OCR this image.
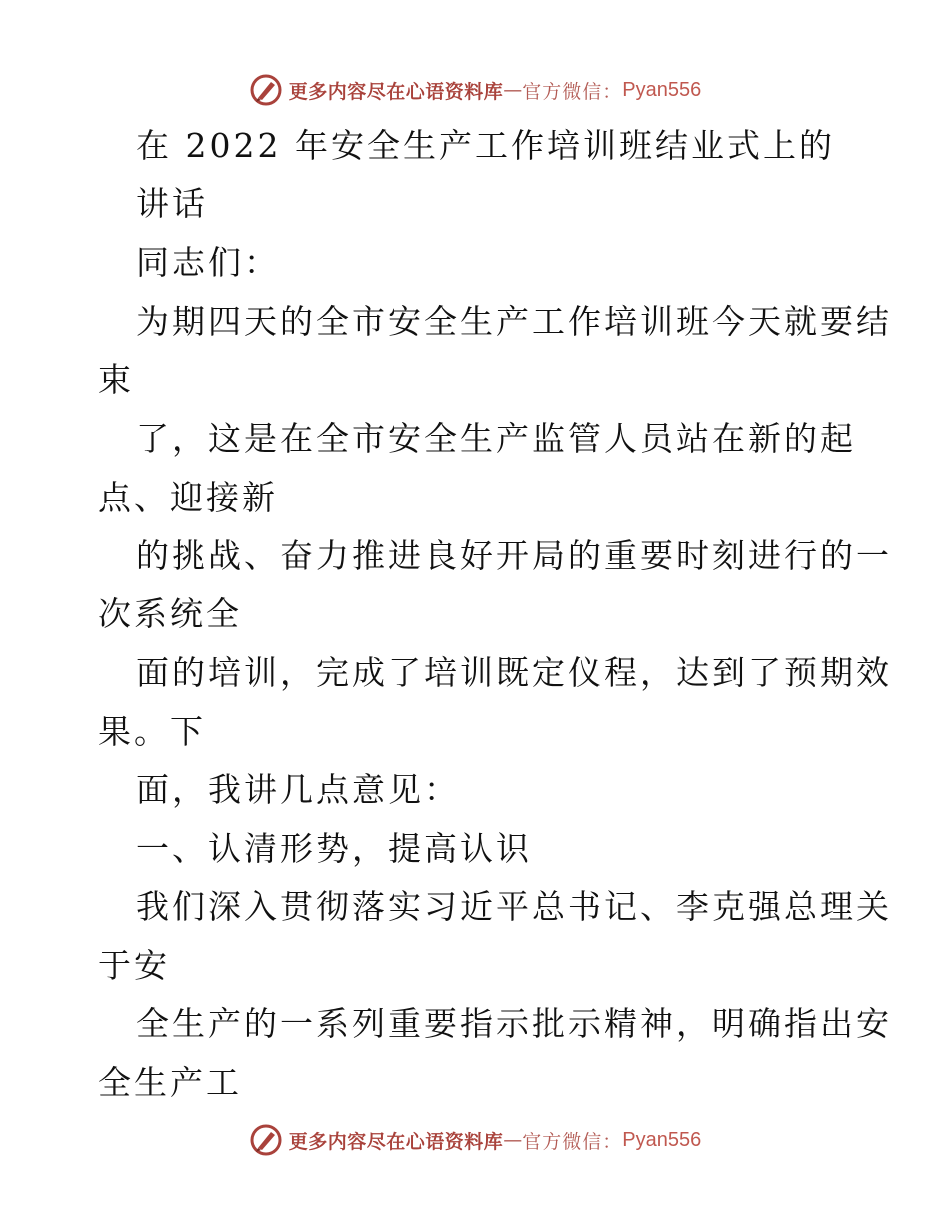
更多内容尽在心语资料库 — 官方微信： Pyan556
在 2022 年安全生产工作培训班结业式上的
讲话
同志们：
为期四天的全市安全生产工作培训班今天就要结
束
了，这是在全市安全生产监管人员站在新的起
点、迎接新
的挑战、奋力推进良好开局的重要时刻进行的一
次系统全
面的培训，完成了培训既定仪程，达到了预期效
果。下
面，我讲几点意见：
一、认清形势，提高认识
我们深入贯彻落实习近平总书记、李克强总理关
于安
全生产的一系列重要指示批示精神，明确指出安
全生产工
更多内容尽在心语资料库 — 官方微信： Pyan556
